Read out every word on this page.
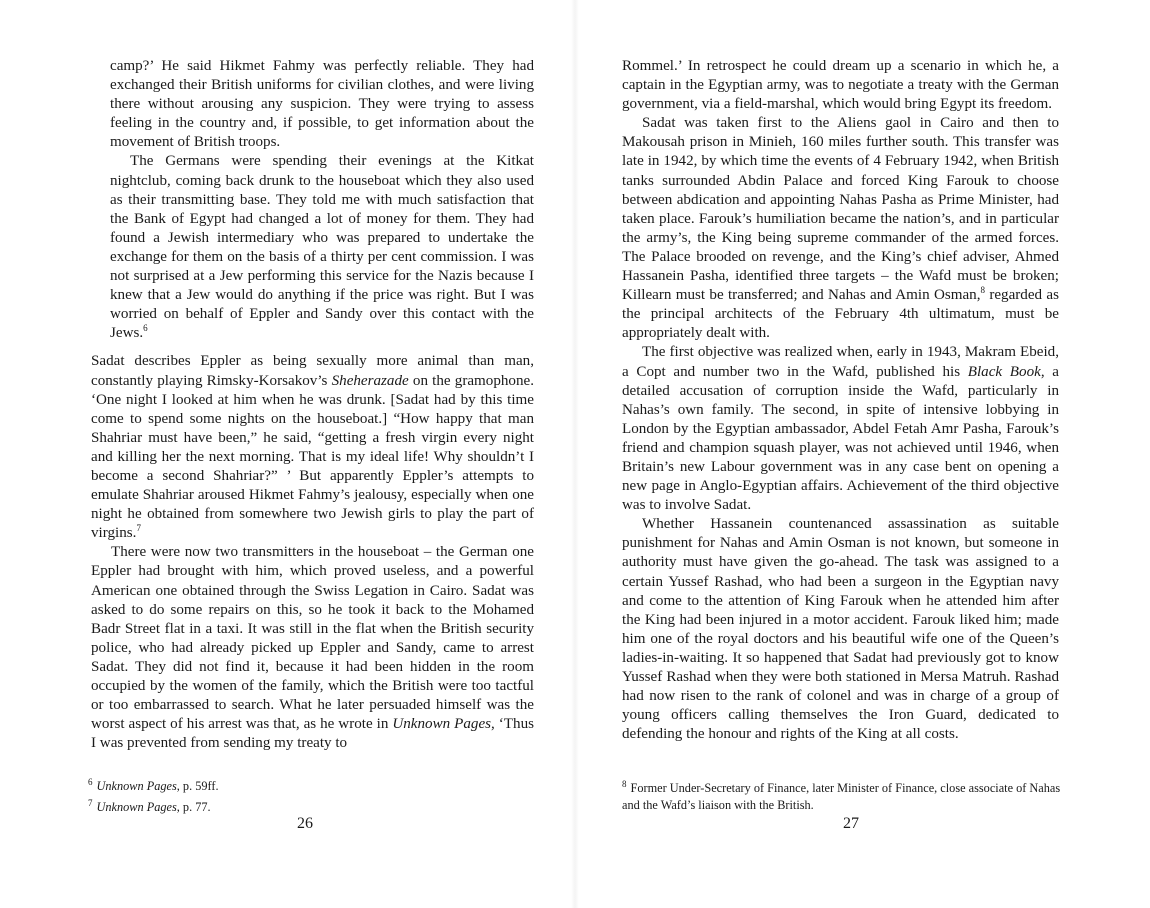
camp?’ He said Hikmet Fahmy was perfectly reliable. They had exchanged their British uniforms for civilian clothes, and were living there without arousing any suspicion. They were trying to assess feeling in the country and, if possible, to get information about the movement of British troops.

The Germans were spending their evenings at the Kitkat nightclub, coming back drunk to the houseboat which they also used as their transmitting base. They told me with much satisfaction that the Bank of Egypt had changed a lot of money for them. They had found a Jewish intermediary who was prepared to undertake the exchange for them on the basis of a thirty per cent commission. I was not surprised at a Jew performing this service for the Nazis because I knew that a Jew would do anything if the price was right. But I was worried on behalf of Eppler and Sandy over this contact with the Jews.$^6$

Sadat describes Eppler as being sexually more animal than man, constantly playing Rimsky-Korsakov’s Sheherazade on the gramophone. ‘One night I looked at him when he was drunk. [Sadat had by this time come to spend some nights on the houseboat.] “How happy that man Shahriar must have been,” he said, “getting a fresh virgin every night and killing her the next morning. That is my ideal life! Why shouldn’t I become a second Shahriar?” ’ But apparently Eppler’s attempts to emulate Shahriar aroused Hikmet Fahmy’s jealousy, especially when one night he obtained from somewhere two Jewish girls to play the part of virgins.$^7$

There were now two transmitters in the houseboat – the German one Eppler had brought with him, which proved useless, and a powerful American one obtained through the Swiss Legation in Cairo. Sadat was asked to do some repairs on this, so he took it back to the Mohamed Badr Street flat in a taxi. It was still in the flat when the British security police, who had already picked up Eppler and Sandy, came to arrest Sadat. They did not find it, because it had been hidden in the room occupied by the women of the family, which the British were too tactful or too embarrassed to search. What he later persuaded himself was the worst aspect of his arrest was that, as he wrote in Unknown Pages, ‘Thus I was prevented from sending my treaty to

$^6$ Unknown Pages, p. 59ff.

$^7$ Unknown Pages, p. 77.

26

Rommel.’ In retrospect he could dream up a scenario in which he, a captain in the Egyptian army, was to negotiate a treaty with the German government, via a field-marshal, which would bring Egypt its freedom.

Sadat was taken first to the Aliens gaol in Cairo and then to Makousah prison in Minieh, 160 miles further south. This transfer was late in 1942, by which time the events of 4 February 1942, when British tanks surrounded Abdin Palace and forced King Farouk to choose between abdication and appointing Nahas Pasha as Prime Minister, had taken place. Farouk’s humiliation became the nation’s, and in particular the army’s, the King being supreme commander of the armed forces. The Palace brooded on revenge, and the King’s chief adviser, Ahmed Hassanein Pasha, identified three targets – the Wafd must be broken; Killearn must be transferred; and Nahas and Amin Osman,$^8$ regarded as the principal architects of the February 4th ultimatum, must be appropriately dealt with.

The first objective was realized when, early in 1943, Makram Ebeid, a Copt and number two in the Wafd, published his Black Book, a detailed accusation of corruption inside the Wafd, particularly in Nahas’s own family. The second, in spite of intensive lobbying in London by the Egyptian ambassador, Abdel Fetah Amr Pasha, Farouk’s friend and champion squash player, was not achieved until 1946, when Britain’s new Labour government was in any case bent on opening a new page in Anglo-Egyptian affairs. Achievement of the third objective was to involve Sadat.

Whether Hassanein countenanced assassination as suitable punishment for Nahas and Amin Osman is not known, but someone in authority must have given the go-ahead. The task was assigned to a certain Yussef Rashad, who had been a surgeon in the Egyptian navy and come to the attention of King Farouk when he attended him after the King had been injured in a motor accident. Farouk liked him; made him one of the royal doctors and his beautiful wife one of the Queen’s ladies-in-waiting. It so happened that Sadat had previously got to know Yussef Rashad when they were both stationed in Mersa Matruh. Rashad had now risen to the rank of colonel and was in charge of a group of young officers calling themselves the Iron Guard, dedicated to defending the honour and rights of the King at all costs.

$^8$ Former Under-Secretary of Finance, later Minister of Finance, close associate of Nahas and the Wafd’s liaison with the British.

27
